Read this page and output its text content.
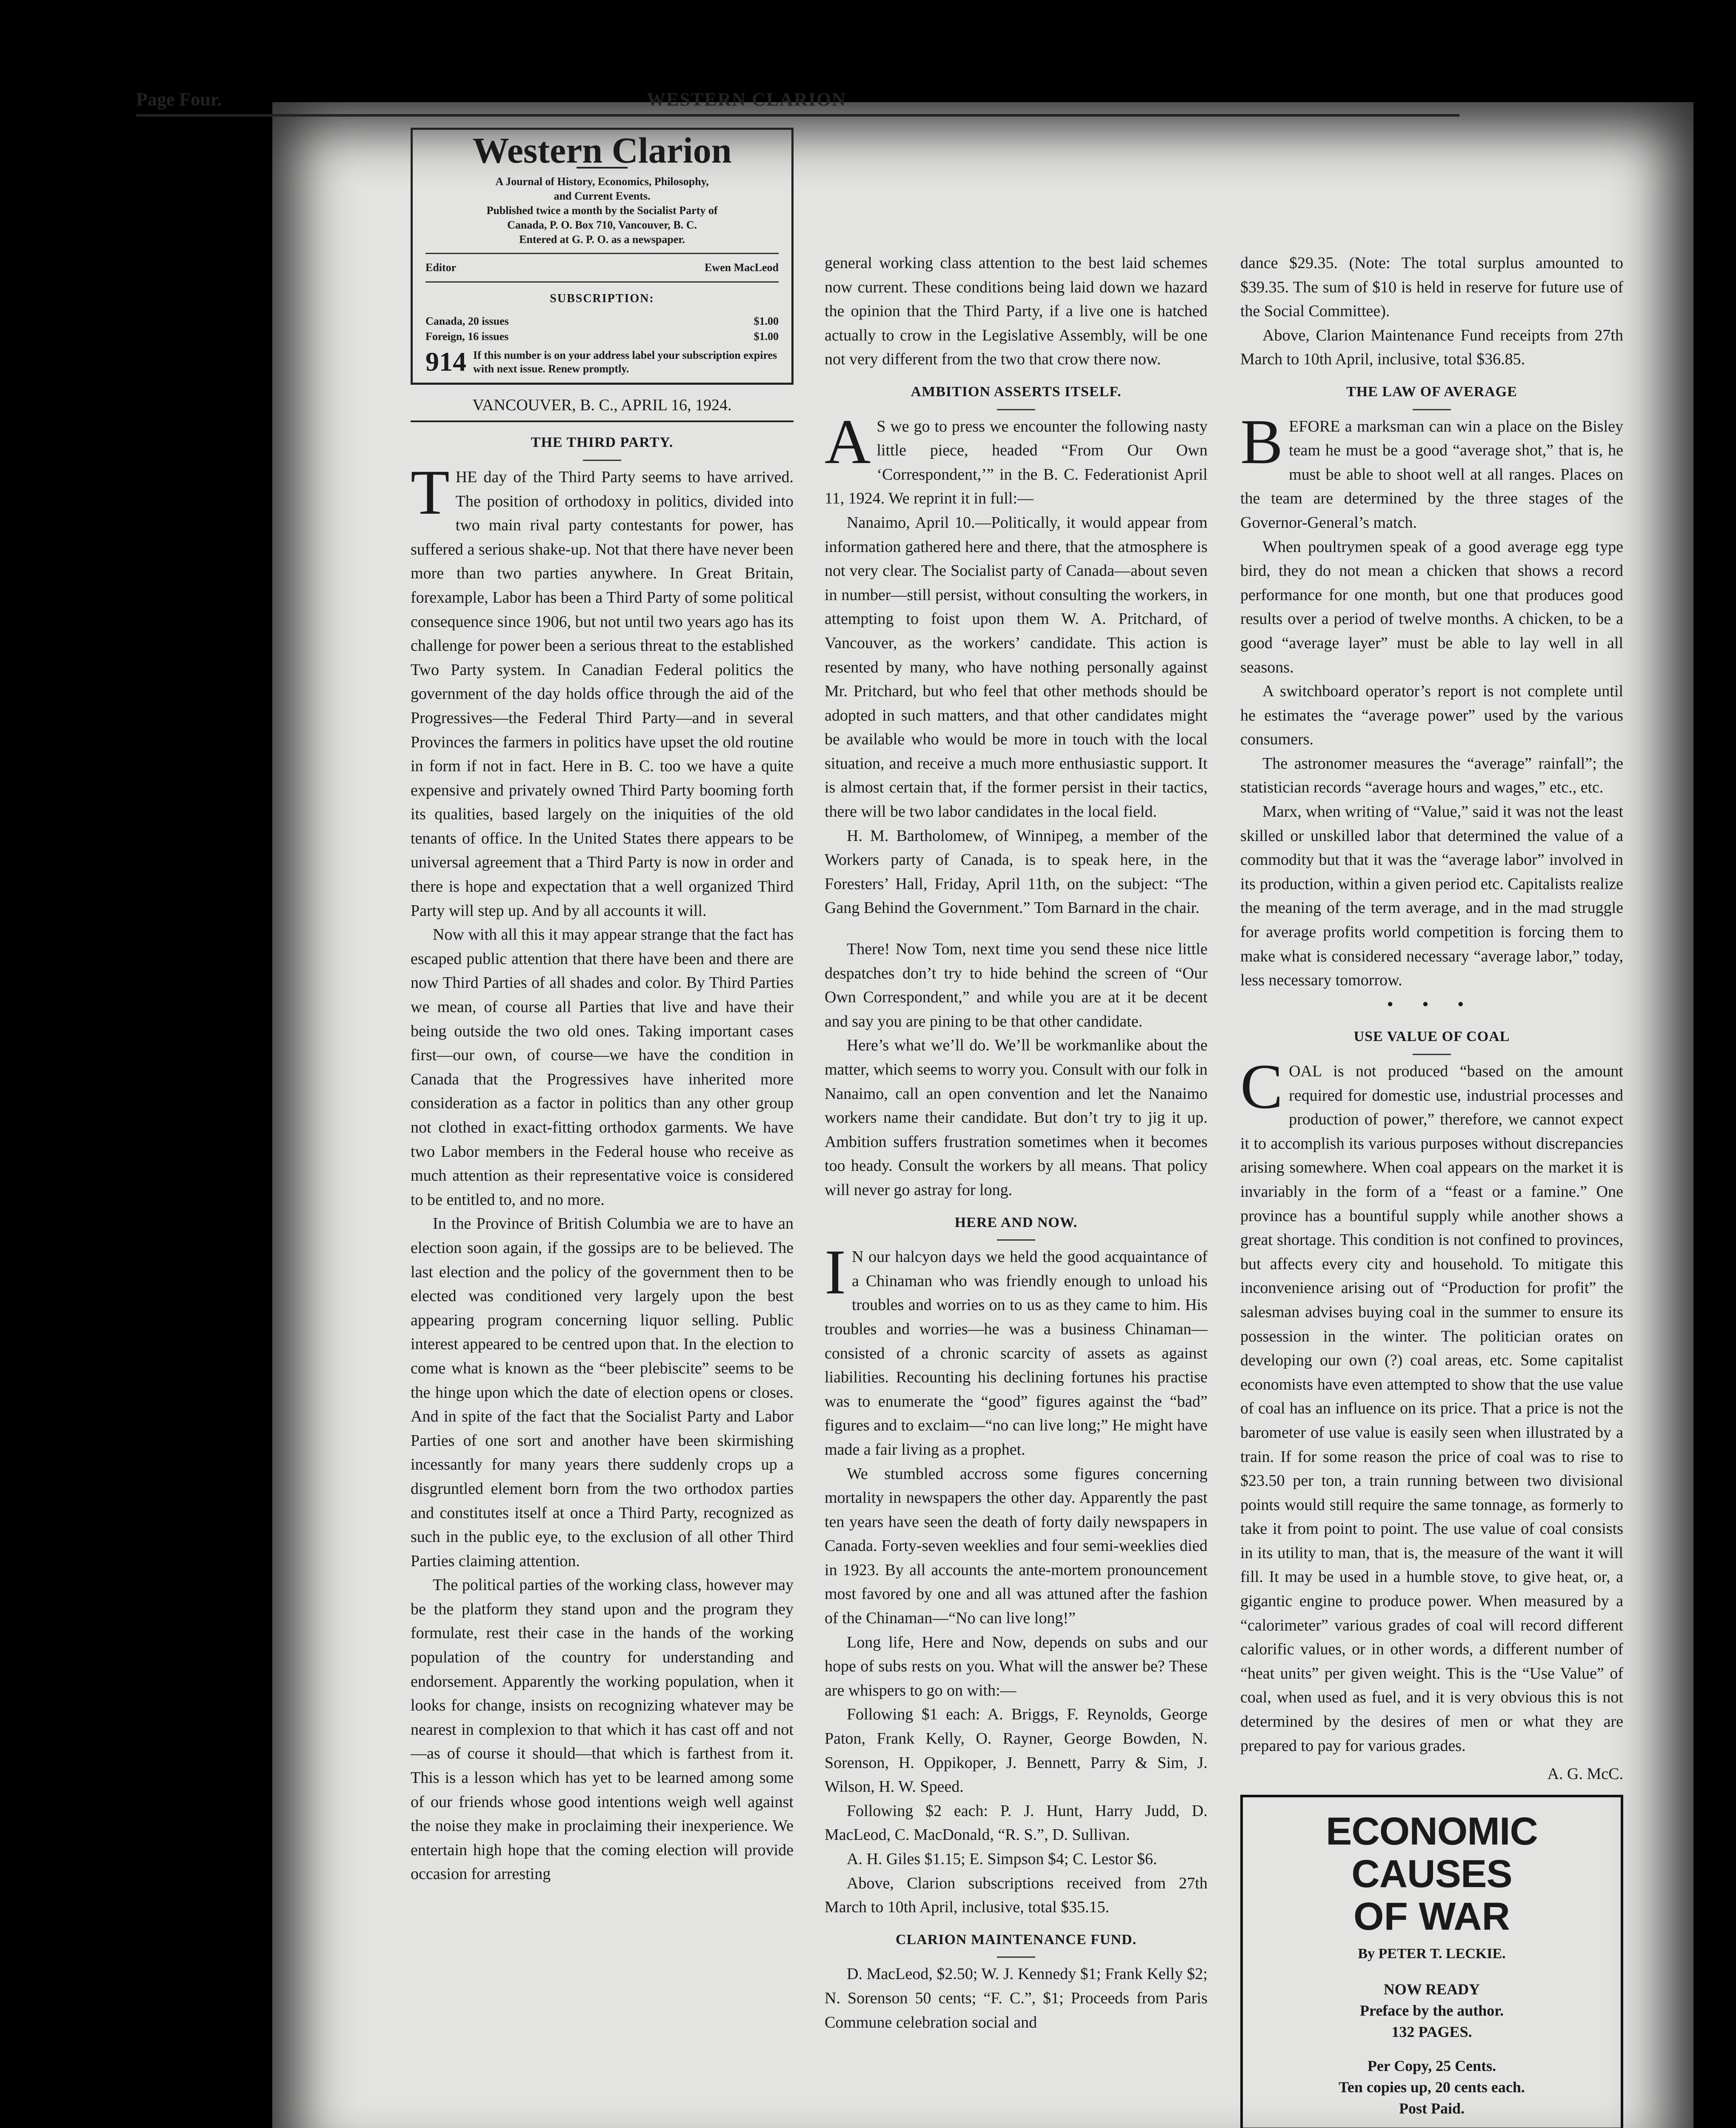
Page Four.	WESTERN CLARION
Western Clarion
A Journal of History, Economics, Philosophy,
and Current Events.
Published twice a month by the Socialist Party of
Canada, P. O. Box 710, Vancouver, B. C.
Entered at G. P. O. as a newspaper.
Editor	Ewen MacLeod
SUBSCRIPTION:
Canada, 20 issues	$1.00
Foreign, 16 issues	$1.00
914 If this number is on your address label your subscription expires with next issue. Renew promptly.
VANCOUVER, B. C., APRIL 16, 1924.
THE THIRD PARTY.

THE day of the Third Party seems to have arrived. The position of orthodoxy in politics, divided into two main rival party contestants for power, has suffered a serious shake-up. Not that there have never been more than two parties anywhere. In Great Britain, forexample, Labor has been a Third Party of some political consequence since 1906, but not until two years ago has its challenge for power been a serious threat to the established Two Party system. In Canadian Federal politics the government of the day holds office through the aid of the Progressives—the Federal Third Party—and in several Provinces the farmers in politics have upset the old routine in form if not in fact. Here in B. C. too we have a quite expensive and privately owned Third Party booming forth its qualities, based largely on the iniquities of the old tenants of office. In the United States there appears to be universal agreement that a Third Party is now in order and there is hope and expectation that a well organized Third Party will step up. And by all accounts it will.

Now with all this it may appear strange that the fact has escaped public attention that there have been and there are now Third Parties of all shades and color. By Third Parties we mean, of course all Parties that live and have their being outside the two old ones. Taking important cases first—our own, of course—we have the condition in Canada that the Progressives have inherited more consideration as a factor in politics than any other group not clothed in exact-fitting orthodox garments. We have two Labor members in the Federal house who receive as much attention as their representative voice is considered to be entitled to, and no more.

In the Province of British Columbia we are to have an election soon again, if the gossips are to be believed. The last election and the policy of the government then to be elected was conditioned very largely upon the best appearing program concerning liquor selling. Public interest appeared to be centred upon that. In the election to come what is known as the “beer plebiscite” seems to be the hinge upon which the date of election opens or closes. And in spite of the fact that the Socialist Party and Labor Parties of one sort and another have been skirmishing incessantly for many years there suddenly crops up a disgruntled element born from the two orthodox parties and constitutes itself at once a Third Party, recognized as such in the public eye, to the exclusion of all other Third Parties claiming attention.

The political parties of the working class, however may be the platform they stand upon and the program they formulate, rest their case in the hands of the working population of the country for understanding and endorsement. Apparently the working population, when it looks for change, insists on recognizing whatever may be nearest in complexion to that which it has cast off and not—as of course it should—that which is farthest from it. This is a lesson which has yet to be learned among some of our friends whose good intentions weigh well against the noise they make in proclaiming their inexperience. We entertain high hope that the coming election will provide occasion for arresting

general working class attention to the best laid schemes now current. These conditions being laid down we hazard the opinion that the Third Party, if a live one is hatched actually to crow in the Legislative Assembly, will be one not very different from the two that crow there now.

AMBITION ASSERTS ITSELF.

A S we go to press we encounter the following nasty little piece, headed “From Our Own ‘Correspondent,’” in the B. C. Federationist April 11, 1924. We reprint it in full:—

Nanaimo, April 10.—Politically, it would appear from information gathered here and there, that the atmosphere is not very clear. The Socialist party of Canada—about seven in number—still persist, without consulting the workers, in attempting to foist upon them W. A. Pritchard, of Vancouver, as the workers’ candidate. This action is resented by many, who have nothing personally against Mr. Pritchard, but who feel that other methods should be adopted in such matters, and that other candidates might be available who would be more in touch with the local situation, and receive a much more enthusiastic support. It is almost certain that, if the former persist in their tactics, there will be two labor candidates in the local field.

H. M. Bartholomew, of Winnipeg, a member of the Workers party of Canada, is to speak here, in the Foresters’ Hall, Friday, April 11th, on the subject: “The Gang Behind the Government.” Tom Barnard in the chair.

There! Now Tom, next time you send these nice little despatches don’t try to hide behind the screen of “Our Own Correspondent,” and while you are at it be decent and say you are pining to be that other candidate.

Here’s what we’ll do. We’ll be workmanlike about the matter, which seems to worry you. Consult with our folk in Nanaimo, call an open convention and let the Nanaimo workers name their candidate. But don’t try to jig it up. Ambition suffers frustration sometimes when it becomes too heady. Consult the workers by all means. That policy will never go astray for long.

HERE AND NOW.

I N our halcyon days we held the good acquaintance of a Chinaman who was friendly enough to unload his troubles and worries on to us as they came to him. His troubles and worries—he was a business Chinaman— consisted of a chronic scarcity of assets as against liabilities. Recounting his declining fortunes his practise was to enumerate the “good” figures against the “bad” figures and to exclaim—“no can live long;” He might have made a fair living as a prophet.

We stumbled accross some figures concerning mortality in newspapers the other day. Apparently the past ten years have seen the death of forty daily newspapers in Canada. Forty-seven weeklies and four semi-weeklies died in 1923. By all accounts the ante-mortem pronouncement most favored by one and all was attuned after the fashion of the Chinaman—“No can live long!”

Long life, Here and Now, depends on subs and our hope of subs rests on you. What will the answer be? These are whispers to go on with:—

Following $1 each: A. Briggs, F. Reynolds, George Paton, Frank Kelly, O. Rayner, George Bowden, N. Sorenson, H. Oppikoper, J. Bennett, Parry & Sim, J. Wilson, H. W. Speed.

Following $2 each: P. J. Hunt, Harry Judd, D. MacLeod, C. MacDonald, “R. S.”, D. Sullivan.

A. H. Giles $1.15; E. Simpson $4; C. Lestor $6.

Above, Clarion subscriptions received from 27th March to 10th April, inclusive, total $35.15.

CLARION MAINTENANCE FUND.

D. MacLeod, $2.50; W. J. Kennedy $1; Frank Kelly $2; N. Sorenson 50 cents; “F. C.”, $1; Proceeds from Paris Commune celebration social and

dance $29.35. (Note: The total surplus amounted to $39.35. The sum of $10 is held in reserve for future use of the Social Committee).

Above, Clarion Maintenance Fund receipts from 27th March to 10th April, inclusive, total $36.85.

THE LAW OF AVERAGE

BEFORE a marksman can win a place on the Bisley team he must be a good “average shot,” that is, he must be able to shoot well at all ranges. Places on the team are determined by the three stages of the Governor-General’s match.

When poultrymen speak of a good average egg type bird, they do not mean a chicken that shows a record performance for one month, but one that produces good results over a period of twelve months. A chicken, to be a good “average layer” must be able to lay well in all seasons.

A switchboard operator’s report is not complete until he estimates the “average power” used by the various consumers.

The astronomer measures the “average” rainfall”; the statistician records “average hours and wages,” etc., etc.

Marx, when writing of “Value,” said it was not the least skilled or unskilled labor that determined the value of a commodity but that it was the “average labor” involved in its production, within a given period etc. Capitalists realize the meaning of the term average, and in the mad struggle for average profits world competition is forcing them to make what is considered necessary “average labor,” today, less necessary tomorrow.

• • •
USE VALUE OF COAL

COAL is not produced “based on the amount required for domestic use, industrial processes and production of power,” therefore, we cannot expect it to accomplish its various purposes without discrepancies arising somewhere. When coal appears on the market it is invariably in the form of a “feast or a famine.” One province has a bountiful supply while another shows a great shortage. This condition is not confined to provinces, but affects every city and household. To mitigate this inconvenience arising out of “Production for profit” the salesman advises buying coal in the summer to ensure its possession in the winter. The politician orates on developing our own (?) coal areas, etc. Some capitalist economists have even attempted to show that the use value of coal has an influence on its price. That a price is not the barometer of use value is easily seen when illustrated by a train. If for some reason the price of coal was to rise to $23.50 per ton, a train running between two divisional points would still require the same tonnage, as formerly to take it from point to point. The use value of coal consists in its utility to man, that is, the measure of the want it will fill. It may be used in a humble stove, to give heat, or, a gigantic engine to produce power. When measured by a “calorimeter” various grades of coal will record different calorific values, or in other words, a different number of “heat units” per given weight. This is the “Use Value” of coal, when used as fuel, and it is very obvious this is not determined by the desires of men or what they are prepared to pay for various grades.

A. G. McC.
ECONOMIC CAUSES
OF WAR
By PETER T. LECKIE.
NOW READY
Preface by the author.
132 PAGES.
Per Copy, 25 Cents.
Ten copies up, 20 cents each.
Post Paid.
